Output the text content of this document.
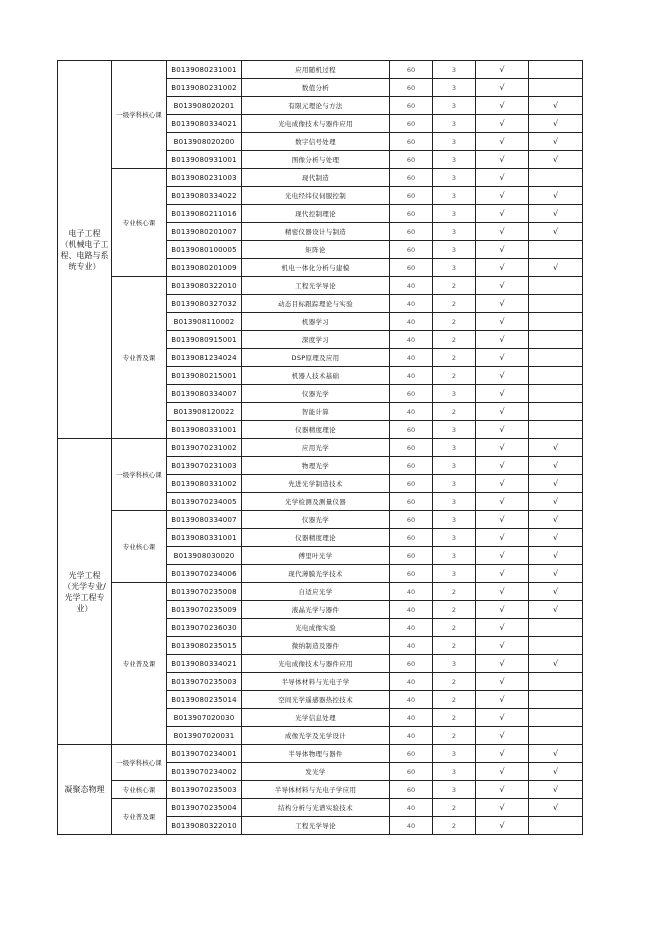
电子工程
（机械电子工程、电路与系统专业）	一级学科核心课	B0139080231001	应用随机过程	60	3	√	
		B0139080231002	数值分析	60	3	√	
		B013908020201	有限元理论与方法	60	3	√	√
		B0139080334021	光电成像技术与器件应用	60	3	√	√
		B013908020200	数字信号处理	60	3	√	√
		B0139080931001	图像分析与处理	60	3	√	√
	专业核心课	B0139080231003	现代制造	60	3	√	
		B0139080334022	光电经纬仪伺服控制	60	3	√	√
		B0139080211016	现代控制理论	60	3	√	√
		B0139080201007	精密仪器设计与制造	60	3	√	√
		B0139080100005	矩阵论	60	3	√	
		B0139080201009	机电一体化分析与建模	60	3	√	√
	专业普及课	B0139080322010	工程光学导论	40	2	√	
		B0139080327032	动态目标跟踪理论与实验	40	2	√	
		B013908110002	机器学习	40	2	√	
		B0139080915001	深度学习	40	2	√	
		B0139081234024	DSP原理及应用	40	2	√	
		B0139080215001	机器人技术基础	40	2	√	
		B0139080334007	仪器光学	60	3	√	
		B013908120022	智能计算	40	2	√	
		B0139080331001	仪器精度理论	60	3	√	
光学工程
（光学专业/光学工程专业）	一级学科核心课	B0139070231002	应用光学	60	3	√	√
		B0139070231003	物理光学	60	3	√	√
		B0139080331002	先进光学制造技术	60	3	√	√
		B0139070234005	光学检测及测量仪器	60	3	√	√
	专业核心课	B0139080334007	仪器光学	60	3	√	√
		B0139080331001	仪器精度理论	60	3	√	√
		B013908030020	傅里叶光学	60	3	√	√
		B0139070234006	现代薄膜光学技术	60	3	√	√
	专业普及课	B0139070235008	自适应光学	40	2	√	√
		B0139070235009	液晶光学与器件	40	2	√	√
		B0139070236030	光电成像实验	40	2	√	
		B0139080235015	微纳制造及器件	40	2	√	
		B0139080334021	光电成像技术与器件应用	60	3	√	√
		B0139070235003	半导体材料与光电子学	40	2	√	
		B0139080235014	空间光学遥感器热控技术	40	2	√	
		B013907020030	光学信息处理	40	2	√	
		B013907020031	成像光学及光学设计	40	2	√	
凝聚态物理	一级学科核心课	B0139070234001	半导体物理与器件	60	3	√	√
		B0139070234002	发光学	60	3	√	√
	专业核心课	B0139070235003	半导体材料与光电子学应用	60	3	√	√
	专业普及课	B0139070235004	结构分析与光谱实验技术	40	2	√	√
		B0139080322010	工程光学导论	40	2	√	
